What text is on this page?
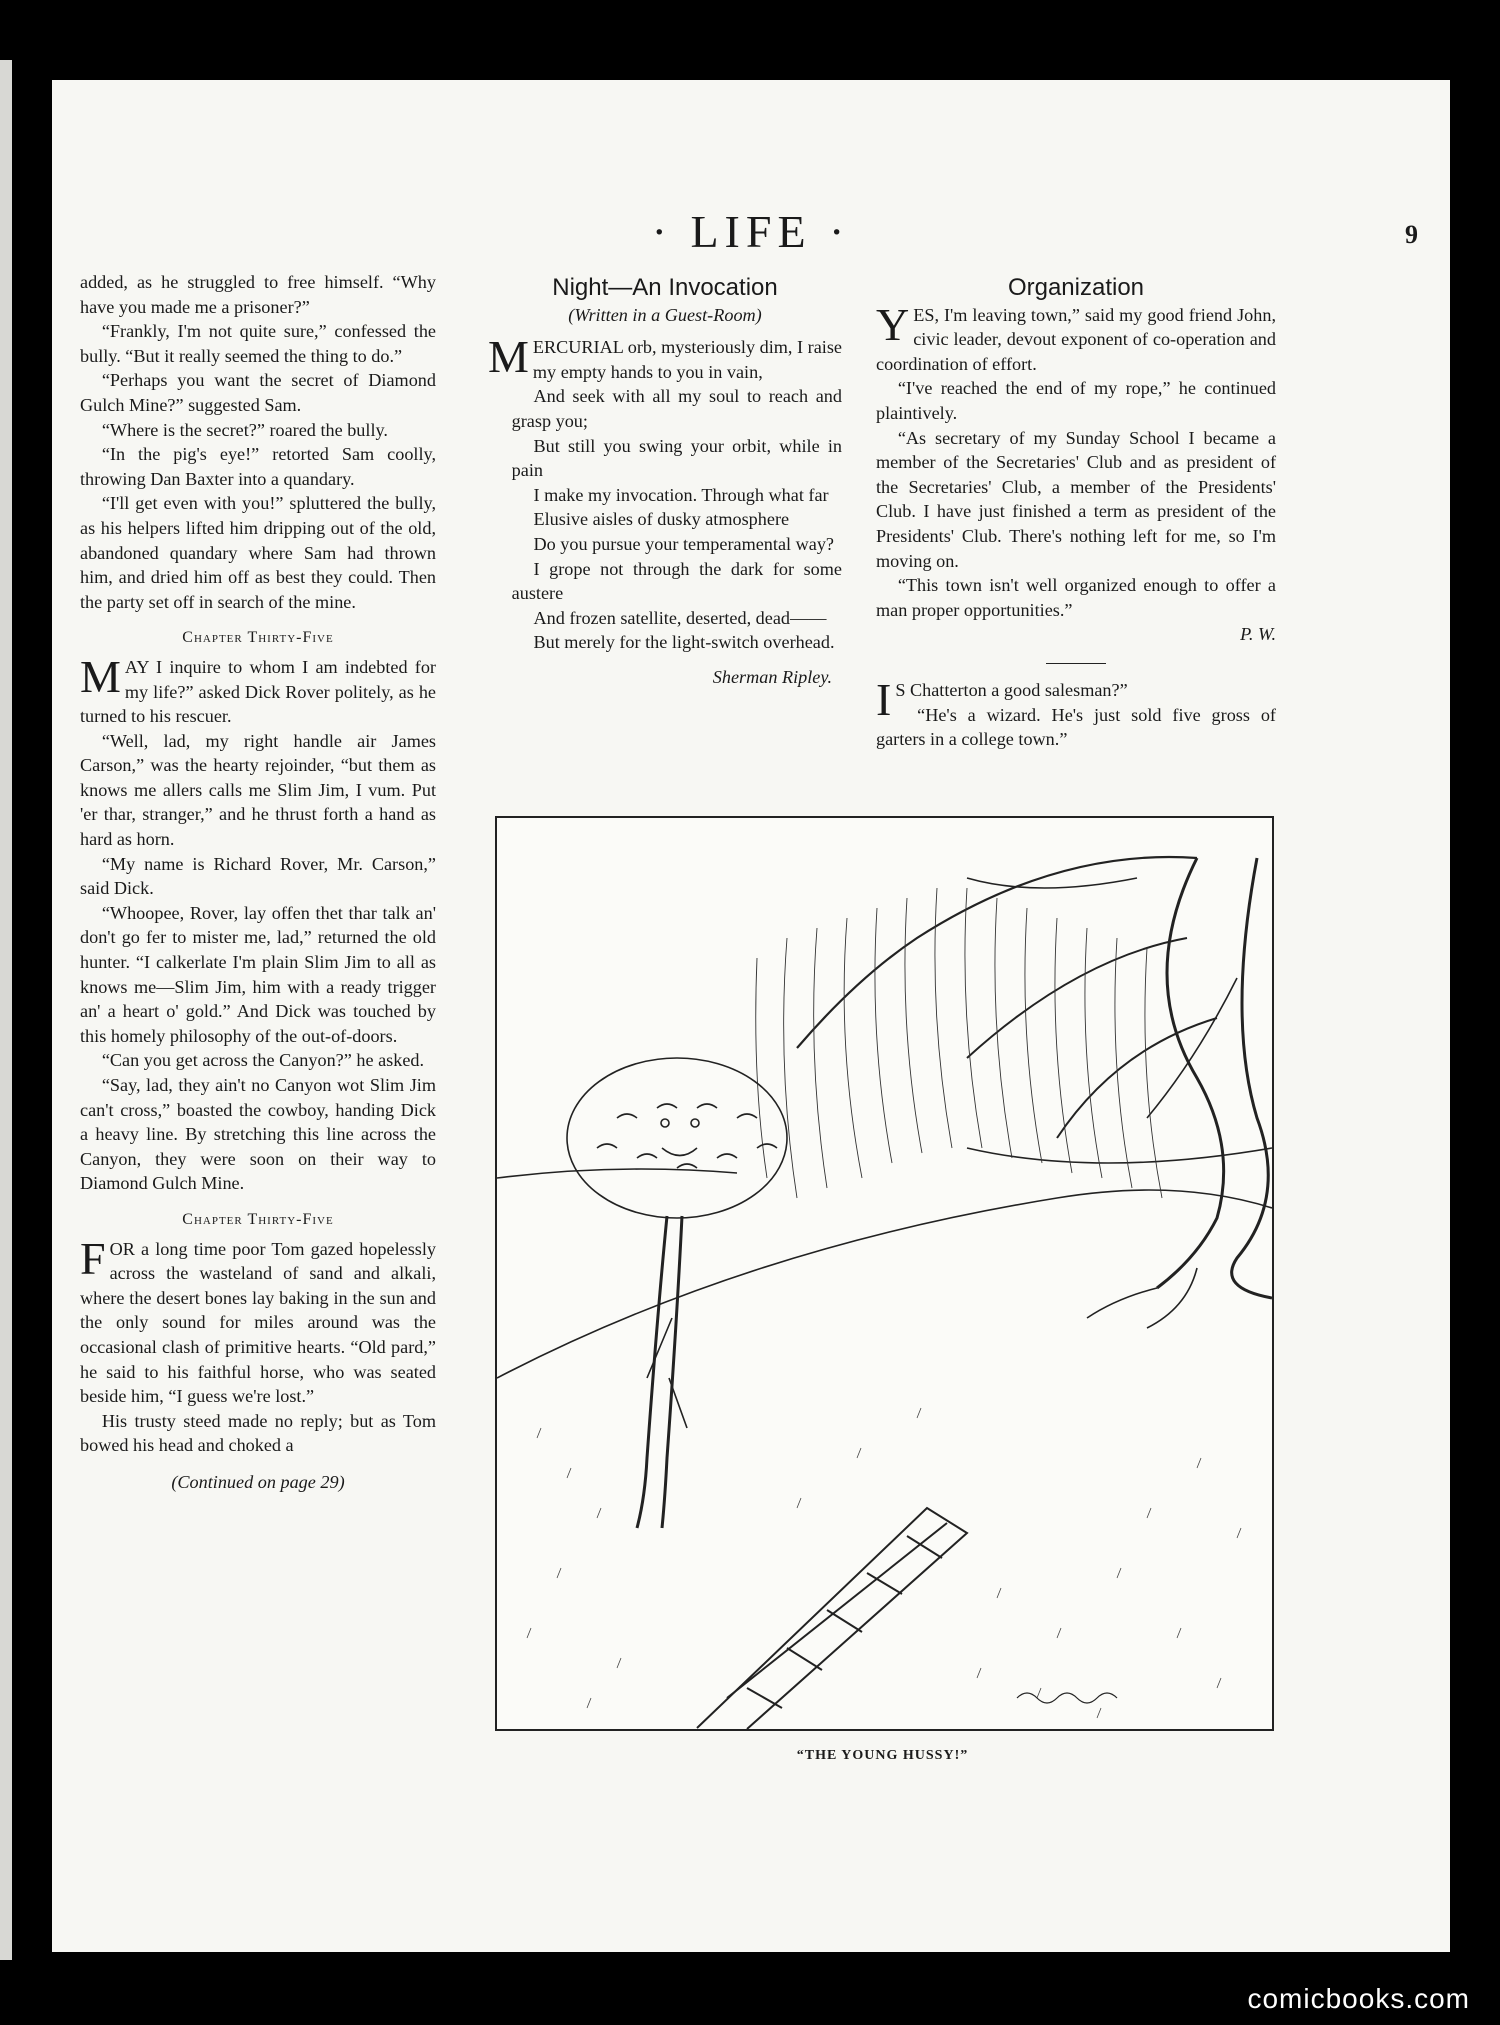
· LIFE ·	9

added, as he struggled to free himself. “Why have you made me a prisoner?”

“Frankly, I'm not quite sure,” confessed the bully. “But it really seemed the thing to do.”

“Perhaps you want the secret of Diamond Gulch Mine?” suggested Sam.

“Where is the secret?” roared the bully.

“In the pig's eye!” retorted Sam coolly, throwing Dan Baxter into a quandary.

“I'll get even with you!” spluttered the bully, as his helpers lifted him dripping out of the old, abandoned quandary where Sam had thrown him, and dried him off as best they could. Then the party set off in search of the mine.

Chapter Thirty-Five

MAY I inquire to whom I am indebted for my life?” asked Dick Rover politely, as he turned to his rescuer.

“Well, lad, my right handle air James Carson,” was the hearty rejoinder, “but them as knows me allers calls me Slim Jim, I vum. Put 'er thar, stranger,” and he thrust forth a hand as hard as horn.

“My name is Richard Rover, Mr. Carson,” said Dick.

“Whoopee, Rover, lay offen thet thar talk an' don't go fer to mister me, lad,” returned the old hunter. “I calkerlate I'm plain Slim Jim to all as knows me—Slim Jim, him with a ready trigger an' a heart o' gold.” And Dick was touched by this homely philosophy of the out-of-doors.

“Can you get across the Canyon?” he asked.

“Say, lad, they ain't no Canyon wot Slim Jim can't cross,” boasted the cowboy, handing Dick a heavy line. By stretching this line across the Canyon, they were soon on their way to Diamond Gulch Mine.

Chapter Thirty-Five

FOR a long time poor Tom gazed hopelessly across the wasteland of sand and alkali, where the desert bones lay baking in the sun and the only sound for miles around was the occasional clash of primitive hearts. “Old pard,” he said to his faithful horse, who was seated beside him, “I guess we're lost.”

His trusty steed made no reply; but as Tom bowed his head and choked a

(Continued on page 29)
Night—An Invocation
(Written in a Guest-Room)

MERCURIAL orb, mysteriously dim, I raise my empty hands to you in vain,

And seek with all my soul to reach and grasp you;

But still you swing your orbit, while in pain

I make my invocation. Through what far

Elusive aisles of dusky atmosphere

Do you pursue your temperamental way?

I grope not through the dark for some austere

And frozen satellite, deserted, dead——

But merely for the light-switch overhead.

Sherman Ripley.
Organization

YES, I'm leaving town,” said my good friend John, civic leader, devout exponent of co-operation and coordination of effort.

“I've reached the end of my rope,” he continued plaintively.

“As secretary of my Sunday School I became a member of the Secretaries' Club and as president of the Secretaries' Club, a member of the Presidents' Club. I have just finished a term as president of the Presidents' Club. There's nothing left for me, so I'm moving on.

“This town isn't well organized enough to offer a man proper opportunities.”

P. W.

I S Chatterton a good salesman?”

“He's a wizard. He's just sold five gross of garters in a college town.”

“THE YOUNG HUSSY!”
comicbooks.com
